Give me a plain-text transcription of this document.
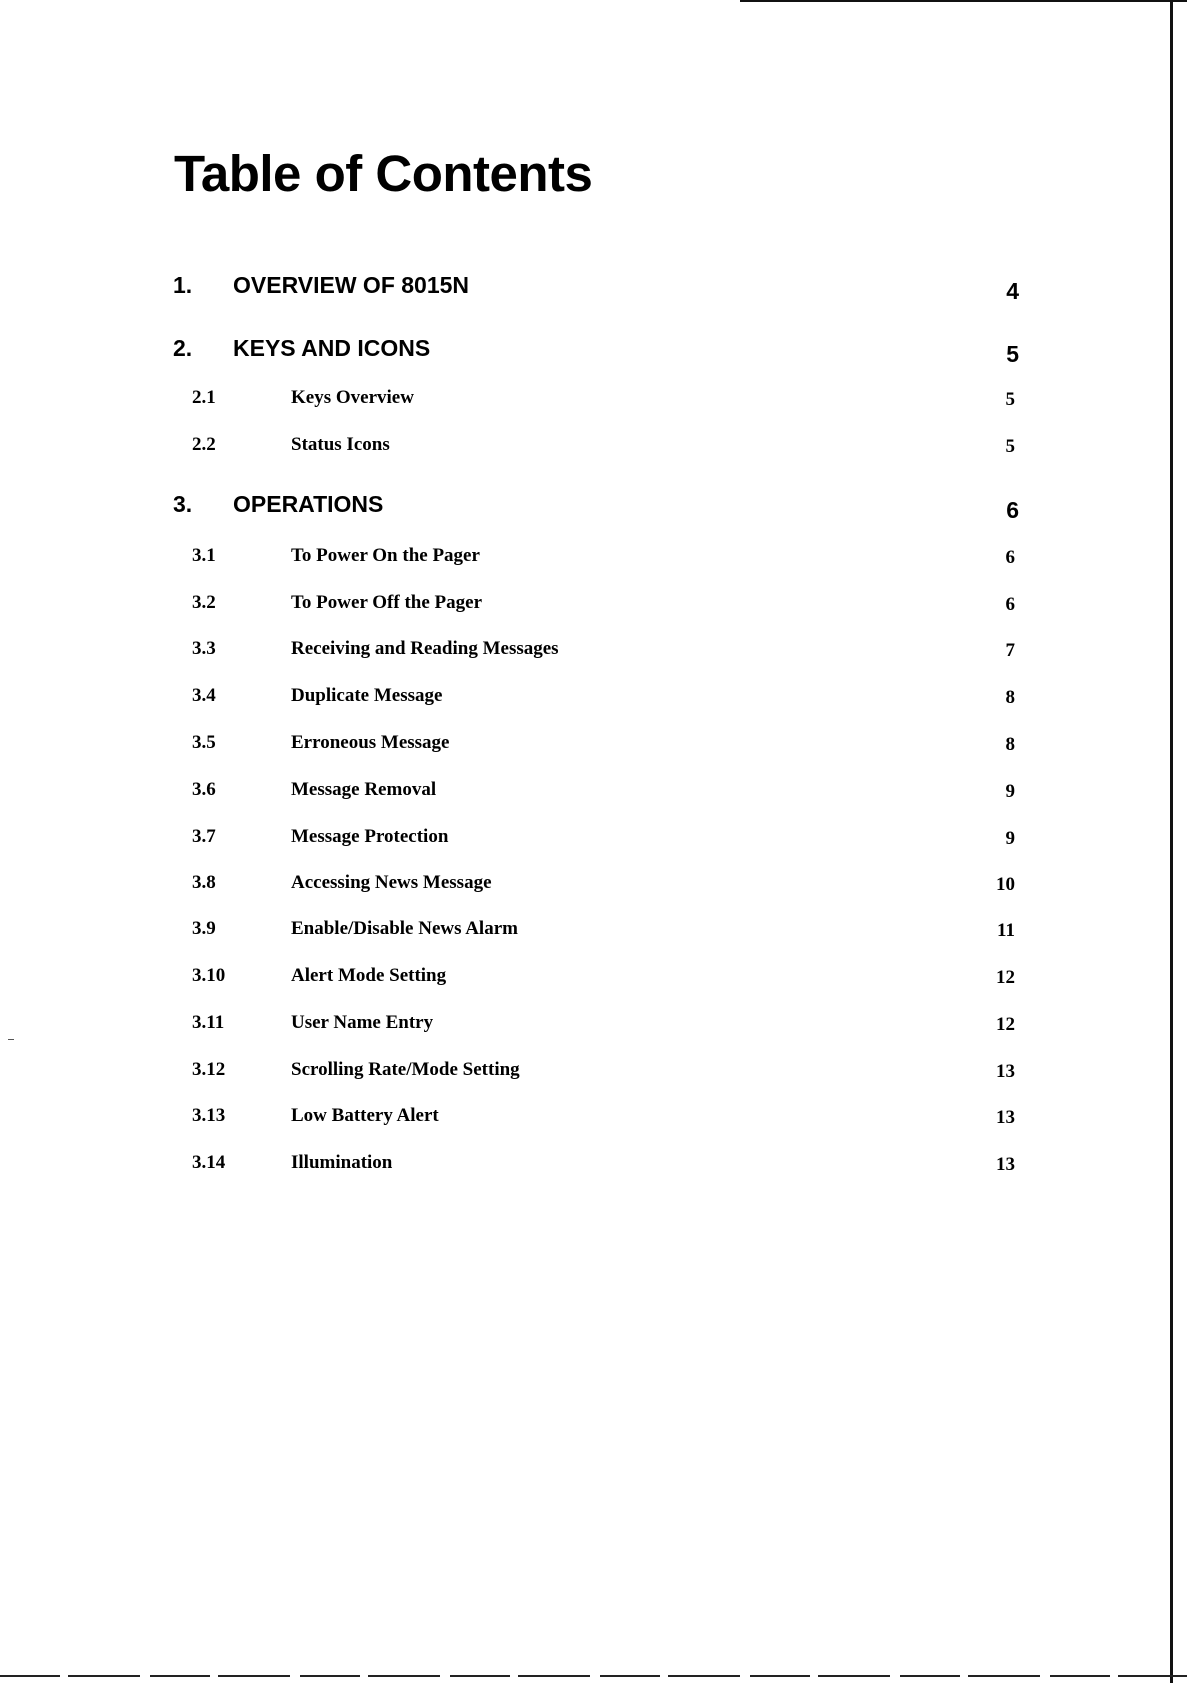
Table of Contents
1. OVERVIEW OF 8015N	4
2. KEYS AND ICONS	5
2.1	Keys Overview	5
2.2	Status Icons	5
3. OPERATIONS	6
3.1	To Power On the Pager	6
3.2	To Power Off the Pager	6
3.3	Receiving and Reading Messages	7
3.4	Duplicate Message	8
3.5	Erroneous Message	8
3.6	Message Removal	9
3.7	Message Protection	9
3.8	Accessing News Message	10
3.9	Enable/Disable News Alarm	11
3.10	Alert Mode Setting	12
3.11	User Name Entry	12
3.12	Scrolling Rate/Mode Setting	13
3.13	Low Battery Alert	13
3.14	Illumination	13
